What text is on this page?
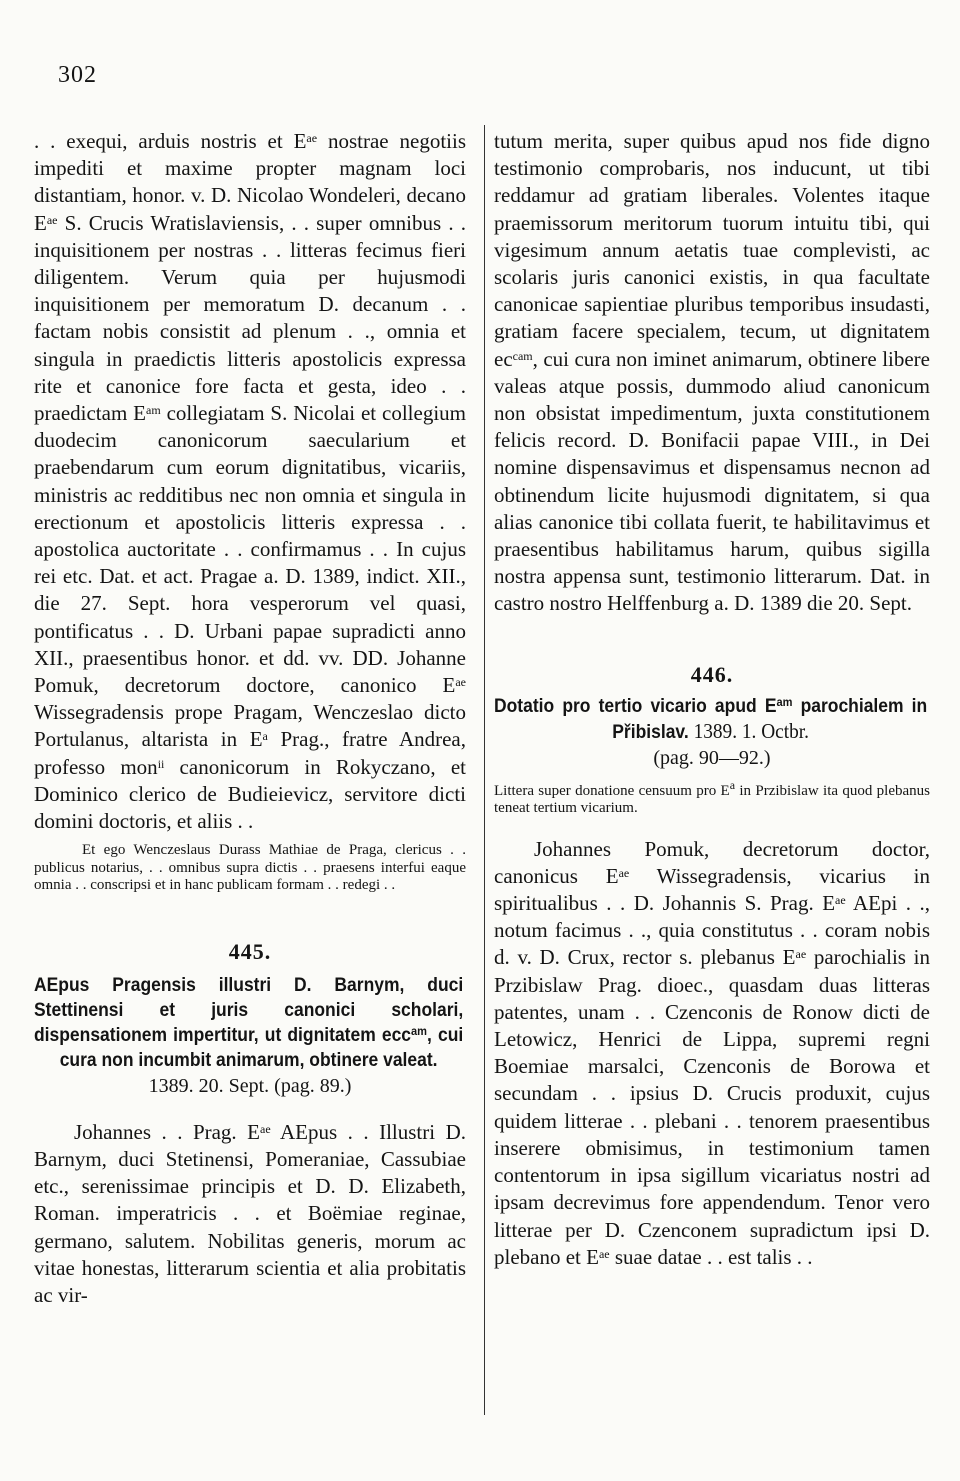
302

. . exequi, arduis nostris et $E^{ae}$ nostrae negotiis impediti et maxime propter magnam loci distantiam, honor. v. D. Nicolao Wondeleri, decano $E^{ae}$ S. Crucis Wratislaviensis, . . super omnibus . . inquisitionem per nostras . . litteras fecimus fieri diligentem. Verum quia per hujusmodi inquisitionem per memoratum D. decanum . . factam nobis consistit ad plenum . ., omnia et singula in praedictis litteris apostolicis expressa rite et canonice fore facta et gesta, ideo . . praedictam $E^{am}$ collegiatam S. Nicolai et collegium duodecim canonicorum saecularium et praebendarum cum eorum dignitatibus, vicariis, ministris ac redditibus nec non omnia et singula in erectionum et apostolicis litteris expressa . . apostolica auctoritate . . confirmamus . . In cujus rei etc. Dat. et act. Pragae a. D. 1389, indict. XII., die 27. Sept. hora vesperorum vel quasi, pontificatus . . D. Urbani papae supradicti anno XII., praesentibus honor. et dd. vv. DD. Johanne Pomuk, decretorum doctore, canonico $E^{ae}$ Wissegradensis prope Pragam, Wenczeslao dicto Portulanus, altarista in $E^a$ Prag., fratre Andrea, professo mon$^{ii}$ canonicorum in Rokyczano, et Dominico clerico de Budieievicz, servitore dicti domini doctoris, et aliis . .

Et ego Wenczeslaus Durass Mathiae de Praga, clericus . . publicus notarius, . . omnibus supra dictis . . praesens interfui eaque omnia . . conscripsi et in hanc publicam formam . . redegi . .

445.

AEpus Pragensis illustri D. Barnym, duci Stettinensi et juris canonici scholari, dispensationem impertitur, ut dignitatem ecc$^{am}$, cui cura non incumbit animarum, obtinere valeat.

1389. 20. Sept. (pag. 89.)

Johannes . . Prag. $E^{ae}$ AEpus . . Illustri D. Barnym, duci Stetinensi, Pomeraniae, Cassubiae etc., serenissimae principis et D. D. Elizabeth, Roman. imperatricis . . et Boëmiae reginae, germano, salutem. Nobilitas generis, morum ac vitae honestas, litterarum scientia et alia probitatis ac vir-

tutum merita, super quibus apud nos fide digno testimonio comprobaris, nos inducunt, ut tibi reddamur ad gratiam liberales. Volentes itaque praemissorum meritorum tuorum intuitu tibi, qui vigesimum annum aetatis tuae complevisti, ac scolaris juris canonici existis, in qua facultate canonicae sapientiae pluribus temporibus insudasti, gratiam facere specialem, tecum, ut dignitatem $ec^{cam}$, cui cura non iminet animarum, obtinere libere valeas atque possis, dummodo aliud canonicum non obsistat impedimentum, juxta constitutionem felicis record. D. Bonifacii papae VIII., in Dei nomine dispensavimus et dispensamus necnon ad obtinendum licite hujusmodi dignitatem, si qua alias canonice tibi collata fuerit, te habilitavimus et praesentibus habilitamus harum, quibus sigilla nostra appensa sunt, testimonio litterarum. Dat. in castro nostro Helffenburg a. D. 1389 die 20. Sept.

446.

Dotatio pro tertio vicario apud $E^{am}$ parochialem in Přibislav. 1389. 1. Octbr.

(pag. 90—92.)

Littera super donatione censuum pro $E^a$ in Przibislaw ita quod plebanus teneat tertium vicarium.

Johannes Pomuk, decretorum doctor, canonicus $E^{ae}$ Wissegradensis, vicarius in spiritualibus . . D. Johannis S. Prag. $E^{ae}$ AEpi . ., notum facimus . ., quia constitutus . . coram nobis d. v. D. Crux, rector s. plebanus $E^{ae}$ parochialis in Przibislaw Prag. dioec., quasdam duas litteras patentes, unam . . Czenconis de Ronow dicti de Letowicz, Henrici de Lippa, supremi regni Boemiae marsalci, Czenconis de Borowa et secundam . . ipsius D. Crucis produxit, cujus quidem litterae . . plebani . . tenorem praesentibus inserere obmisimus, in testimonium tamen contentorum in ipsa sigillum vicariatus nostri ad ipsam decrevimus fore appendendum. Tenor vero litterae per D. Czenconem supradictum ipsi D. plebano et $E^{ae}$ suae datae . . est talis . .
